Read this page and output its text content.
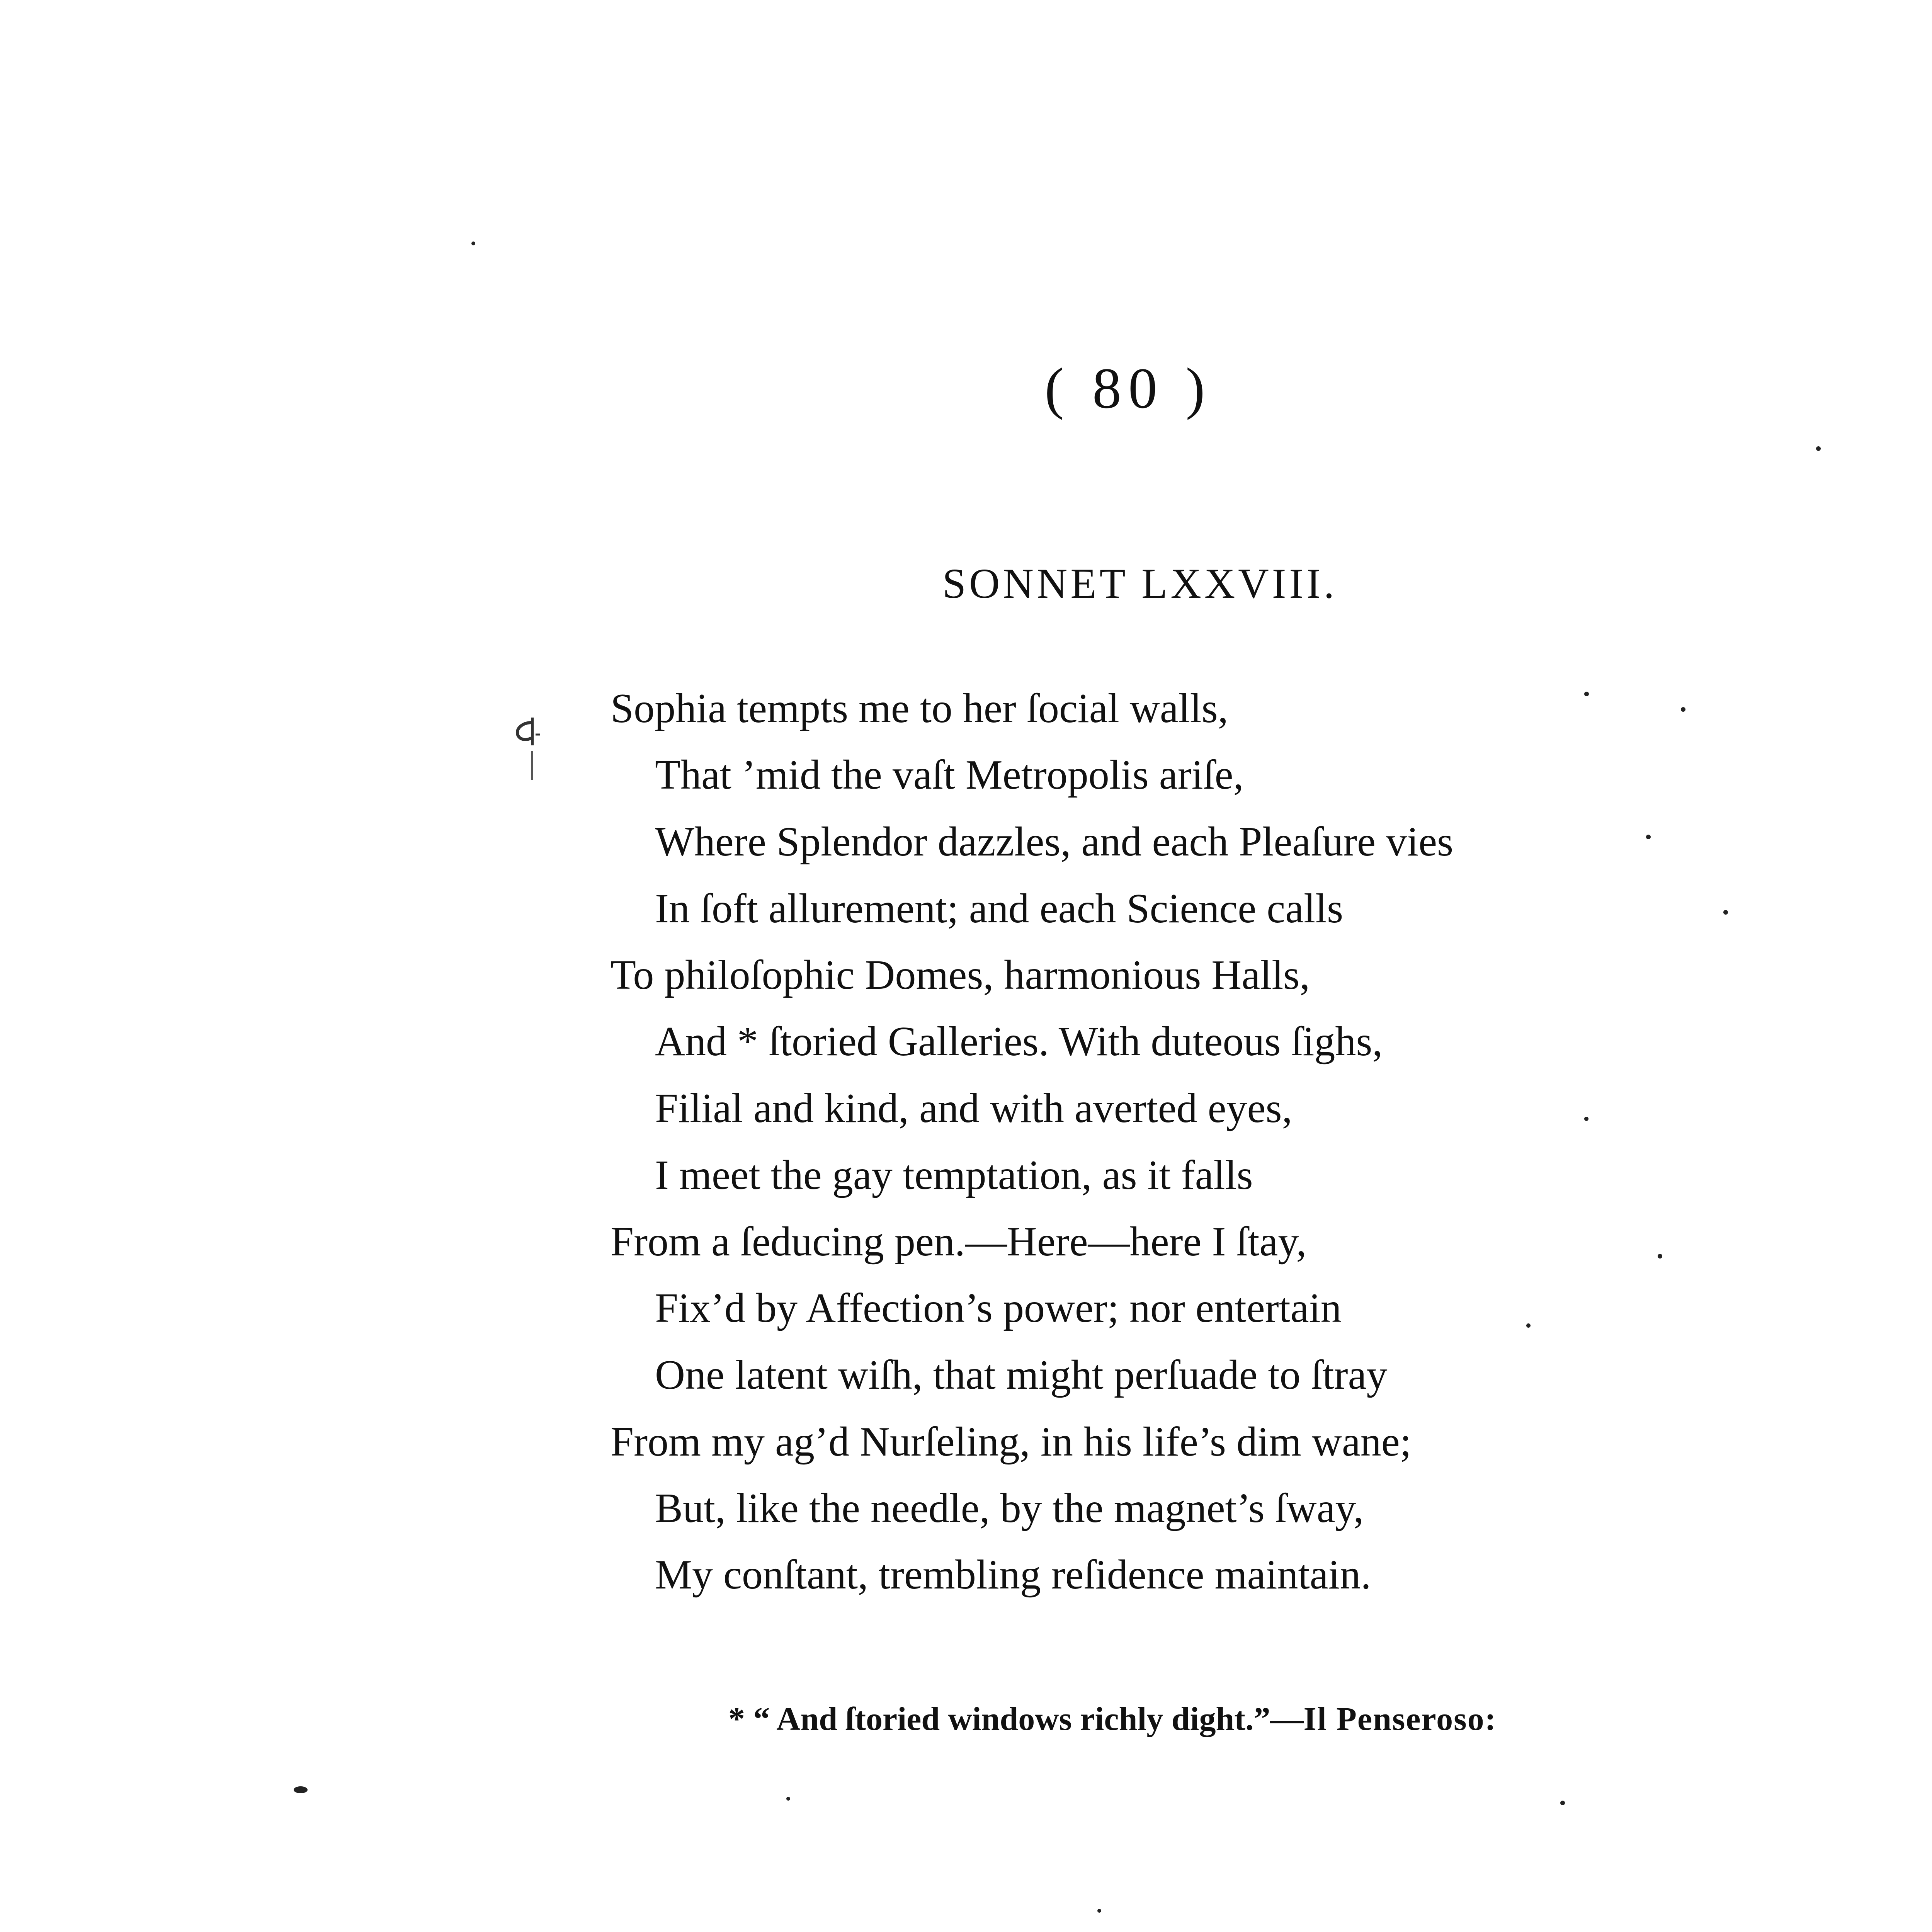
( 80 )
SONNET LXXVIII.
Sophia tempts me to her ſocial walls,
That ’mid the vaſt Metropolis ariſe,
Where Splendor dazzles, and each Pleaſure vies
In ſoft allurement; and each Science calls
To philoſophic Domes, harmonious Halls,
And * ſtoried Galleries. With duteous ſighs,
Filial and kind, and with averted eyes,
I meet the gay temptation, as it falls
From a ſeducing pen.—Here—here I ſtay,
Fix’d by Affection’s power; nor entertain
One latent wiſh, that might perſuade to ſtray
From my ag’d Nurſeling, in his life’s dim wane;
But, like the needle, by the magnet’s ſway,
My conſtant, trembling reſidence maintain.
* “ And ſtoried windows richly dight.”—Il Penseroso:
